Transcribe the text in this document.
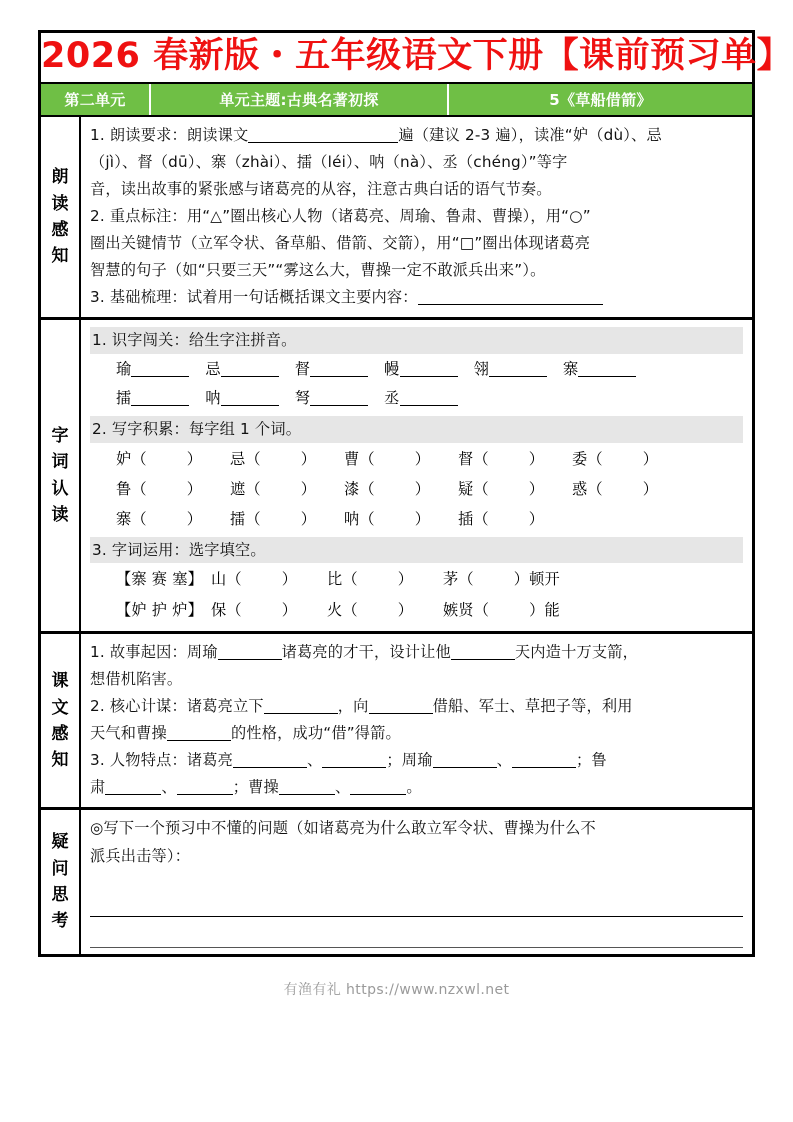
2026 春新版・五年级语文下册【课前预习单】
第二单元	单元主题:古典名著初探	5《草船借箭》
朗
读
感
知
1. 朗读要求：朗读课文	遍（建议 2-3 遍），读准“妒（dù）、忌
（jì）、督（dū）、寨（zhài）、擂（léi）、呐（nà）、丞（chéng）”等字
音，读出故事的紧张感与诸葛亮的从容，注意古典白话的语气节奏。
2. 重点标注：用“△”圈出核心人物（诸葛亮、周瑜、鲁肃、曹操），用“○”
圈出关键情节（立军令状、备草船、借箭、交箭），用“□”圈出体现诸葛亮
智慧的句子（如“只要三天”“雾这么大，曹操一定不敢派兵出来”）。
3. 基础梳理：试着用一句话概括课文主要内容：
字
词
认
读
1. 识字闯关：给生字注拼音。
瑜	忌	督	幔	翎	寨
擂	呐	弩	丞
2. 写字积累：每字组 1 个词。
妒（	） 忌（	） 曹（	） 督（	） 委（	）
鲁（	） 遮（	） 漆（	） 疑（	） 惑（	）
寨（	） 擂（	） 呐（	） 插（	）
3. 字词运用：选字填空。
【寨 赛 塞】 山（	） 比（	） 茅（	）顿开
【妒 护 炉】 保（	） 火（	） 嫉贤（	）能
课
文
感
知
1. 故事起因：周瑜	诸葛亮的才干，设计让他	天内造十万支箭，
想借机陷害。
2. 核心计谋：诸葛亮立下	，向	借船、军士、草把子等，利用
天气和曹操	的性格，成功“借”得箭。
3. 人物特点：诸葛亮	、	；周瑜	、	；鲁
肃	、	；曹操	、	。
疑
问
思
考
◎写下一个预习中不懂的问题（如诸葛亮为什么敢立军令状、曹操为什么不
派兵出击等）：
有渔有礼 https://www.nzxwl.net
